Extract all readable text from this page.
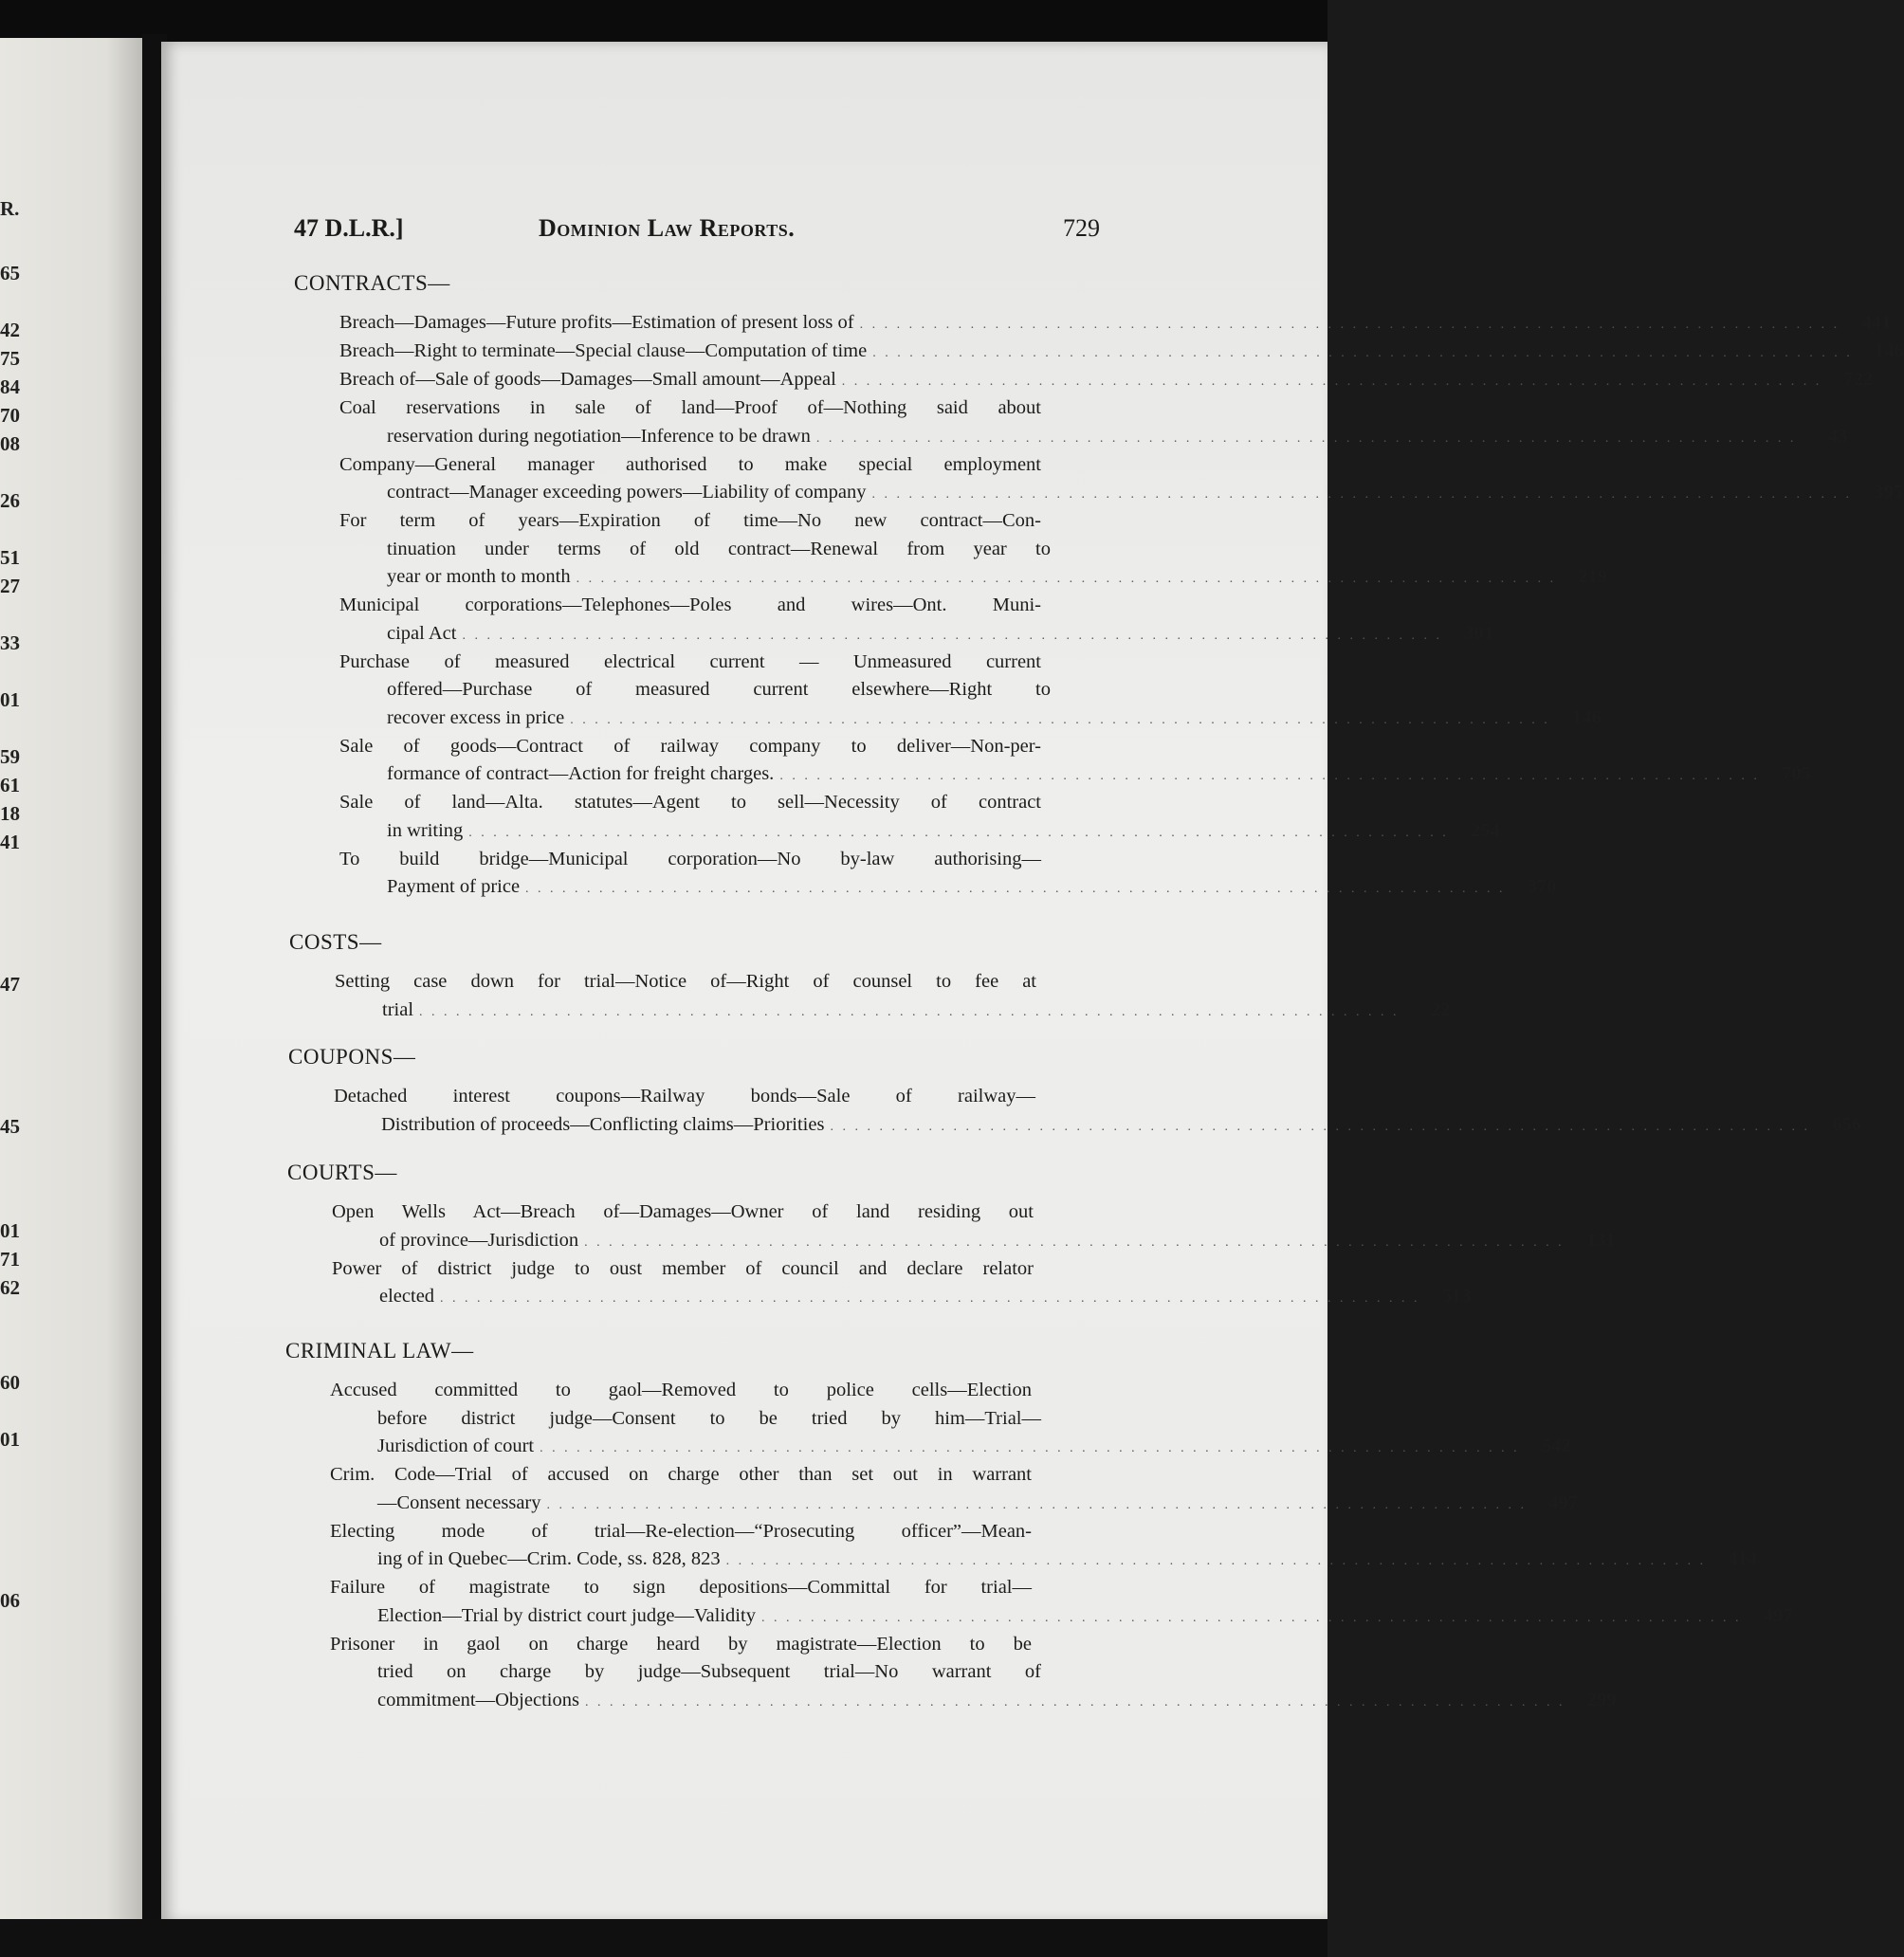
R.
65
42
75
84
70
08
26
51
27
33
01
59
61
18
41
47
45
01
71
62
60
01
06
47 D.L.R.]	Dominion Law Reports.	729
CONTRACTS—
Breach—Damages—Future profits—Estimation of present loss of . . . . . . . . . . . . . . . . . . . . . . . . . . . . . . . . . . . . . . . . . . . . . . . . . . . . . . . . . . . . . . . . . . . . . . . . . . . . . . . .	441
Breach—Right to terminate—Special clause—Computation of time . . . . . . . . . . . . . . . . . . . . . . . . . . . . . . . . . . . . . . . . . . . . . . . . . . . . . . . . . . . . . . . . . . . . . . . . . . . . . . . .	146
Breach of—Sale of goods—Damages—Small amount—Appeal . . . . . . . . . . . . . . . . . . . . . . . . . . . . . . . . . . . . . . . . . . . . . . . . . . . . . . . . . . . . . . . . . . . . . . . . . . . . . . . .	722
Coal reservations in sale of land—Proof of—Nothing said about
reservation during negotiation—Inference to be drawn . . . . . . . . . . . . . . . . . . . . . . . . . . . . . . . . . . . . . . . . . . . . . . . . . . . . . . . . . . . . . . . . . . . . . . . . . . . . . . . .	43
Company—General manager authorised to make special employment
contract—Manager exceeding powers—Liability of company . . . . . . . . . . . . . . . . . . . . . . . . . . . . . . . . . . . . . . . . . . . . . . . . . . . . . . . . . . . . . . . . . . . . . . . . . . . . . . . .	395
For term of years—Expiration of time—No new contract—Con-
tinuation under terms of old contract—Renewal from year to
year or month to month . . . . . . . . . . . . . . . . . . . . . . . . . . . . . . . . . . . . . . . . . . . . . . . . . . . . . . . . . . . . . . . . . . . . . . . . . . . . . . . .	219
Municipal corporations—Telephones—Poles and wires—Ont. Muni-
cipal Act . . . . . . . . . . . . . . . . . . . . . . . . . . . . . . . . . . . . . . . . . . . . . . . . . . . . . . . . . . . . . . . . . . . . . . . . . . . . . . . .	301
Purchase of measured electrical current — Unmeasured current
offered—Purchase of measured current elsewhere—Right to
recover excess in price . . . . . . . . . . . . . . . . . . . . . . . . . . . . . . . . . . . . . . . . . . . . . . . . . . . . . . . . . . . . . . . . . . . . . . . . . . . . . . . .	146
Sale of goods—Contract of railway company to deliver—Non-per-
formance of contract—Action for freight charges. . . . . . . . . . . . . . . . . . . . . . . . . . . . . . . . . . . . . . . . . . . . . . . . . . . . . . . . . . . . . . . . . . . . . . . . . . . . . . . . .	705
Sale of land—Alta. statutes—Agent to sell—Necessity of contract
in writing . . . . . . . . . . . . . . . . . . . . . . . . . . . . . . . . . . . . . . . . . . . . . . . . . . . . . . . . . . . . . . . . . . . . . . . . . . . . . . . .	254
To build bridge—Municipal corporation—No by-law authorising—
Payment of price . . . . . . . . . . . . . . . . . . . . . . . . . . . . . . . . . . . . . . . . . . . . . . . . . . . . . . . . . . . . . . . . . . . . . . . . . . . . . . . .	370
COSTS—
Setting case down for trial—Notice of—Right of counsel to fee at
trial . . . . . . . . . . . . . . . . . . . . . . . . . . . . . . . . . . . . . . . . . . . . . . . . . . . . . . . . . . . . . . . . . . . . . . . . . . . . . . . .	22
COUPONS—
Detached interest coupons—Railway bonds—Sale of railway—
Distribution of proceeds—Conflicting claims—Priorities . . . . . . . . . . . . . . . . . . . . . . . . . . . . . . . . . . . . . . . . . . . . . . . . . . . . . . . . . . . . . . . . . . . . . . . . . . . . . . . .	656
COURTS—
Open Wells Act—Breach of—Damages—Owner of land residing out
of province—Jurisdiction . . . . . . . . . . . . . . . . . . . . . . . . . . . . . . . . . . . . . . . . . . . . . . . . . . . . . . . . . . . . . . . . . . . . . . . . . . . . . . . .	131
Power of district judge to oust member of council and declare relator
elected . . . . . . . . . . . . . . . . . . . . . . . . . . . . . . . . . . . . . . . . . . . . . . . . . . . . . . . . . . . . . . . . . . . . . . . . . . . . . . . .	513
CRIMINAL LAW—
Accused committed to gaol—Removed to police cells—Election
before district judge—Consent to be tried by him—Trial—
Jurisdiction of court . . . . . . . . . . . . . . . . . . . . . . . . . . . . . . . . . . . . . . . . . . . . . . . . . . . . . . . . . . . . . . . . . . . . . . . . . . . . . . . .	542
Crim. Code—Trial of accused on charge other than set out in warrant
—Consent necessary . . . . . . . . . . . . . . . . . . . . . . . . . . . . . . . . . . . . . . . . . . . . . . . . . . . . . . . . . . . . . . . . . . . . . . . . . . . . . . . .	497
Electing mode of trial—Re-election—“Prosecuting officer”—Mean-
ing of in Quebec—Crim. Code, ss. 828, 823 . . . . . . . . . . . . . . . . . . . . . . . . . . . . . . . . . . . . . . . . . . . . . . . . . . . . . . . . . . . . . . . . . . . . . . . . . . . . . . . .	414
Failure of magistrate to sign depositions—Committal for trial—
Election—Trial by district court judge—Validity . . . . . . . . . . . . . . . . . . . . . . . . . . . . . . . . . . . . . . . . . . . . . . . . . . . . . . . . . . . . . . . . . . . . . . . . . . . . . . . .	497
Prisoner in gaol on charge heard by magistrate—Election to be
tried on charge by judge—Subsequent trial—No warrant of
commitment—Objections . . . . . . . . . . . . . . . . . . . . . . . . . . . . . . . . . . . . . . . . . . . . . . . . . . . . . . . . . . . . . . . . . . . . . . . . . . . . . . . .	299
